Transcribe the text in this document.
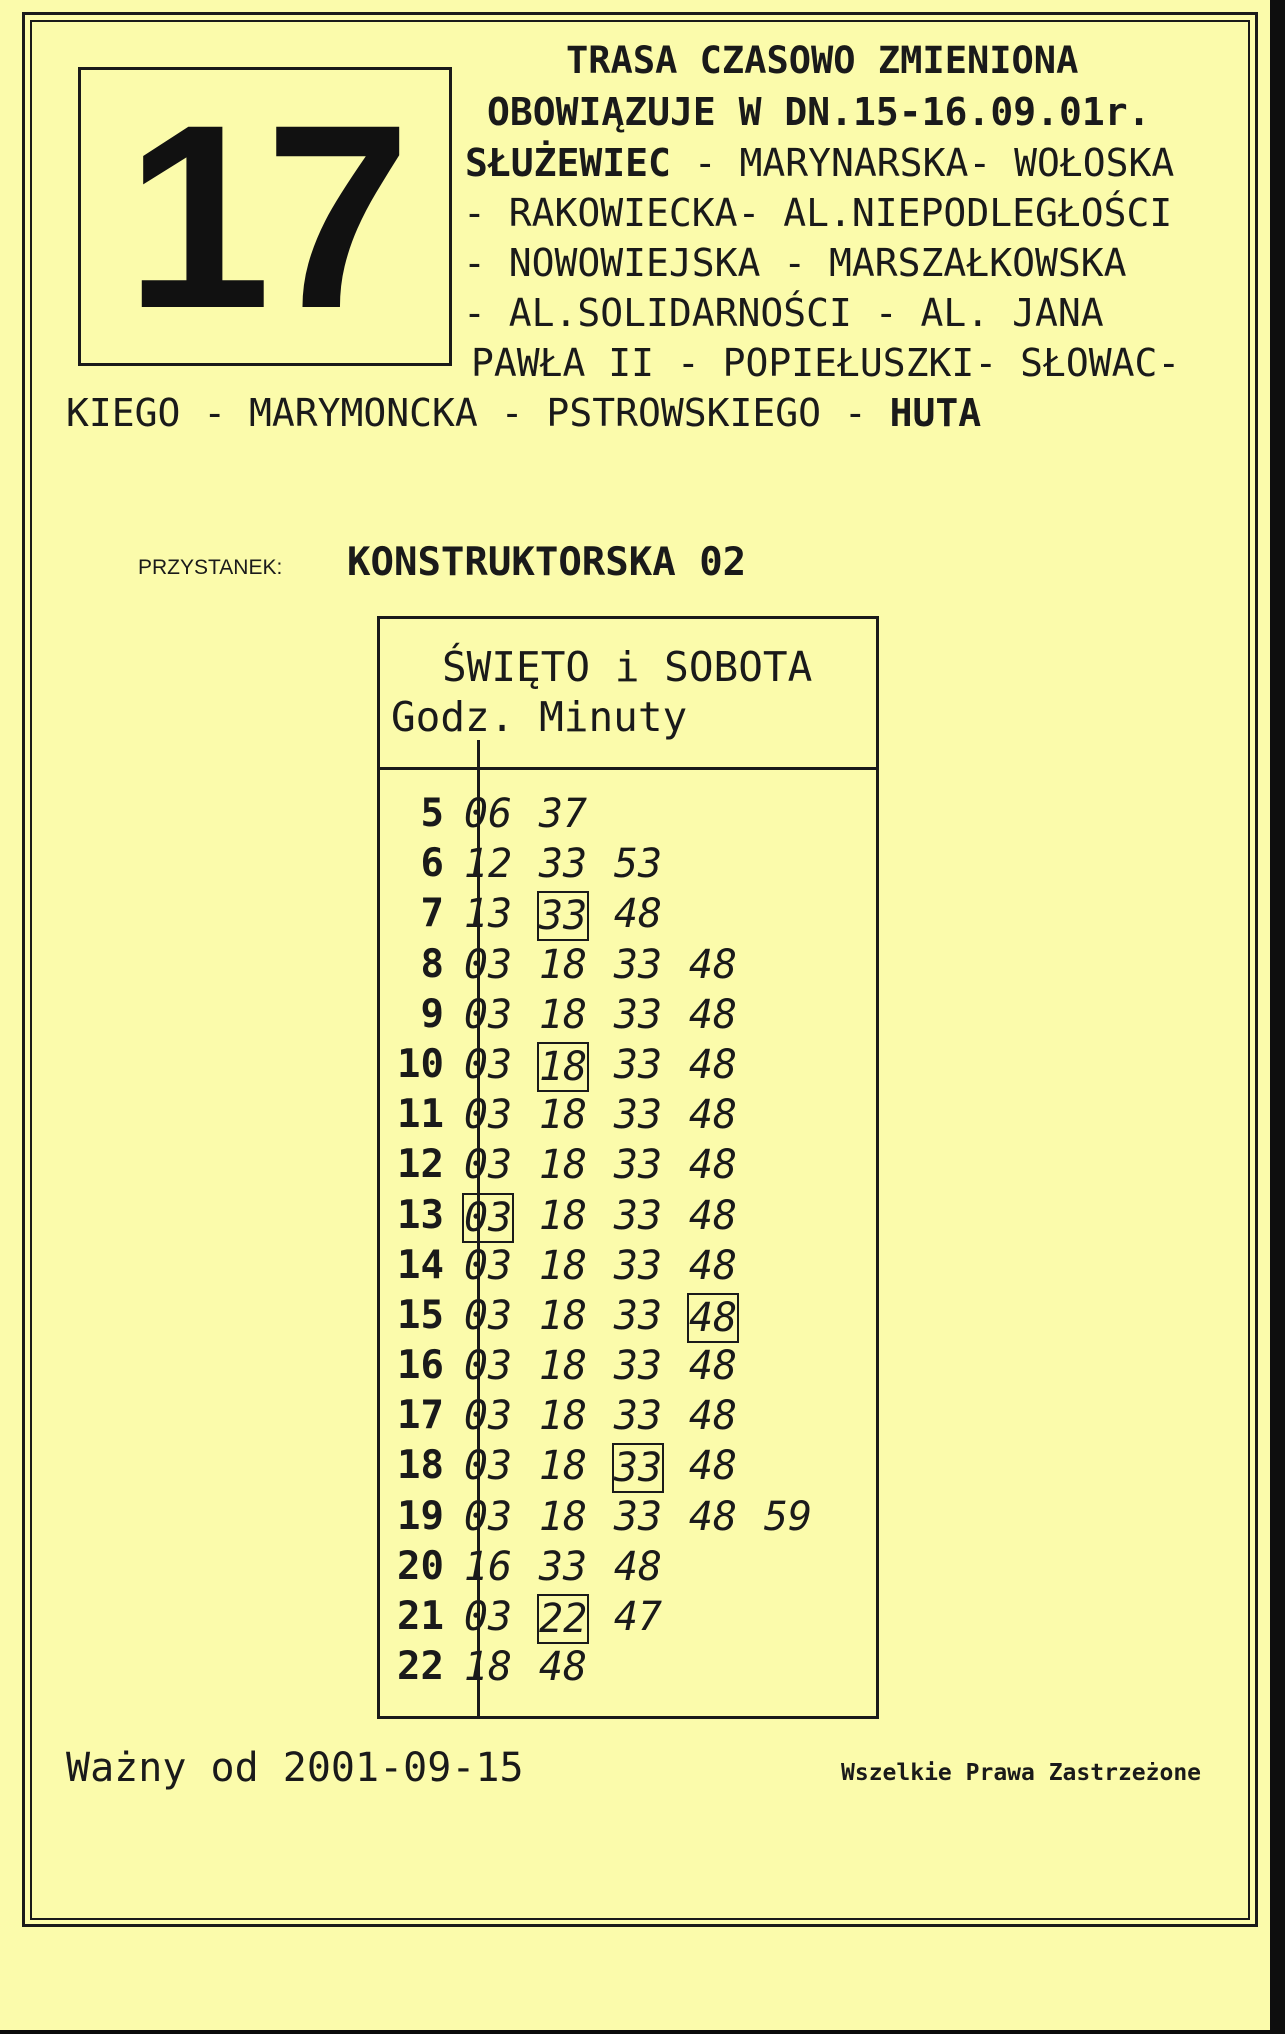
17
TRASA CZASOWO ZMIENIONA
OBOWIĄZUJE W DN.15-16.09.01r.
SŁUŻEWIEC - MARYNARSKA- WOŁOSKA
- RAKOWIECKA- AL.NIEPODLEGŁOŚCI
- NOWOWIEJSKA - MARSZAŁKOWSKA
- AL.SOLIDARNOŚCI - AL. JANA
PAWŁA II - POPIEŁUSZKI- SŁOWAC-
KIEGO - MARYMONCKA - PSTROWSKIEGO - HUTA
PRZYSTANEK: KONSTRUKTORSKA 02
ŚWIĘTO i SOBOTA
Godz. Minuty
5 06 37
6 12 33 53
7 13 33 48
8 03 18 33 48
9 03 18 33 48
10 03 18 33 48
11 03 18 33 48
12 03 18 33 48
13 03 18 33 48
14 03 18 33 48
15 03 18 33 48
16 03 18 33 48
17 03 18 33 48
18 03 18 33 48
19 03 18 33 48 59
20 16 33 48
21 03 22 47
22 18 48
Ważny od 2001-09-15	Wszelkie Prawa Zastrzeżone
